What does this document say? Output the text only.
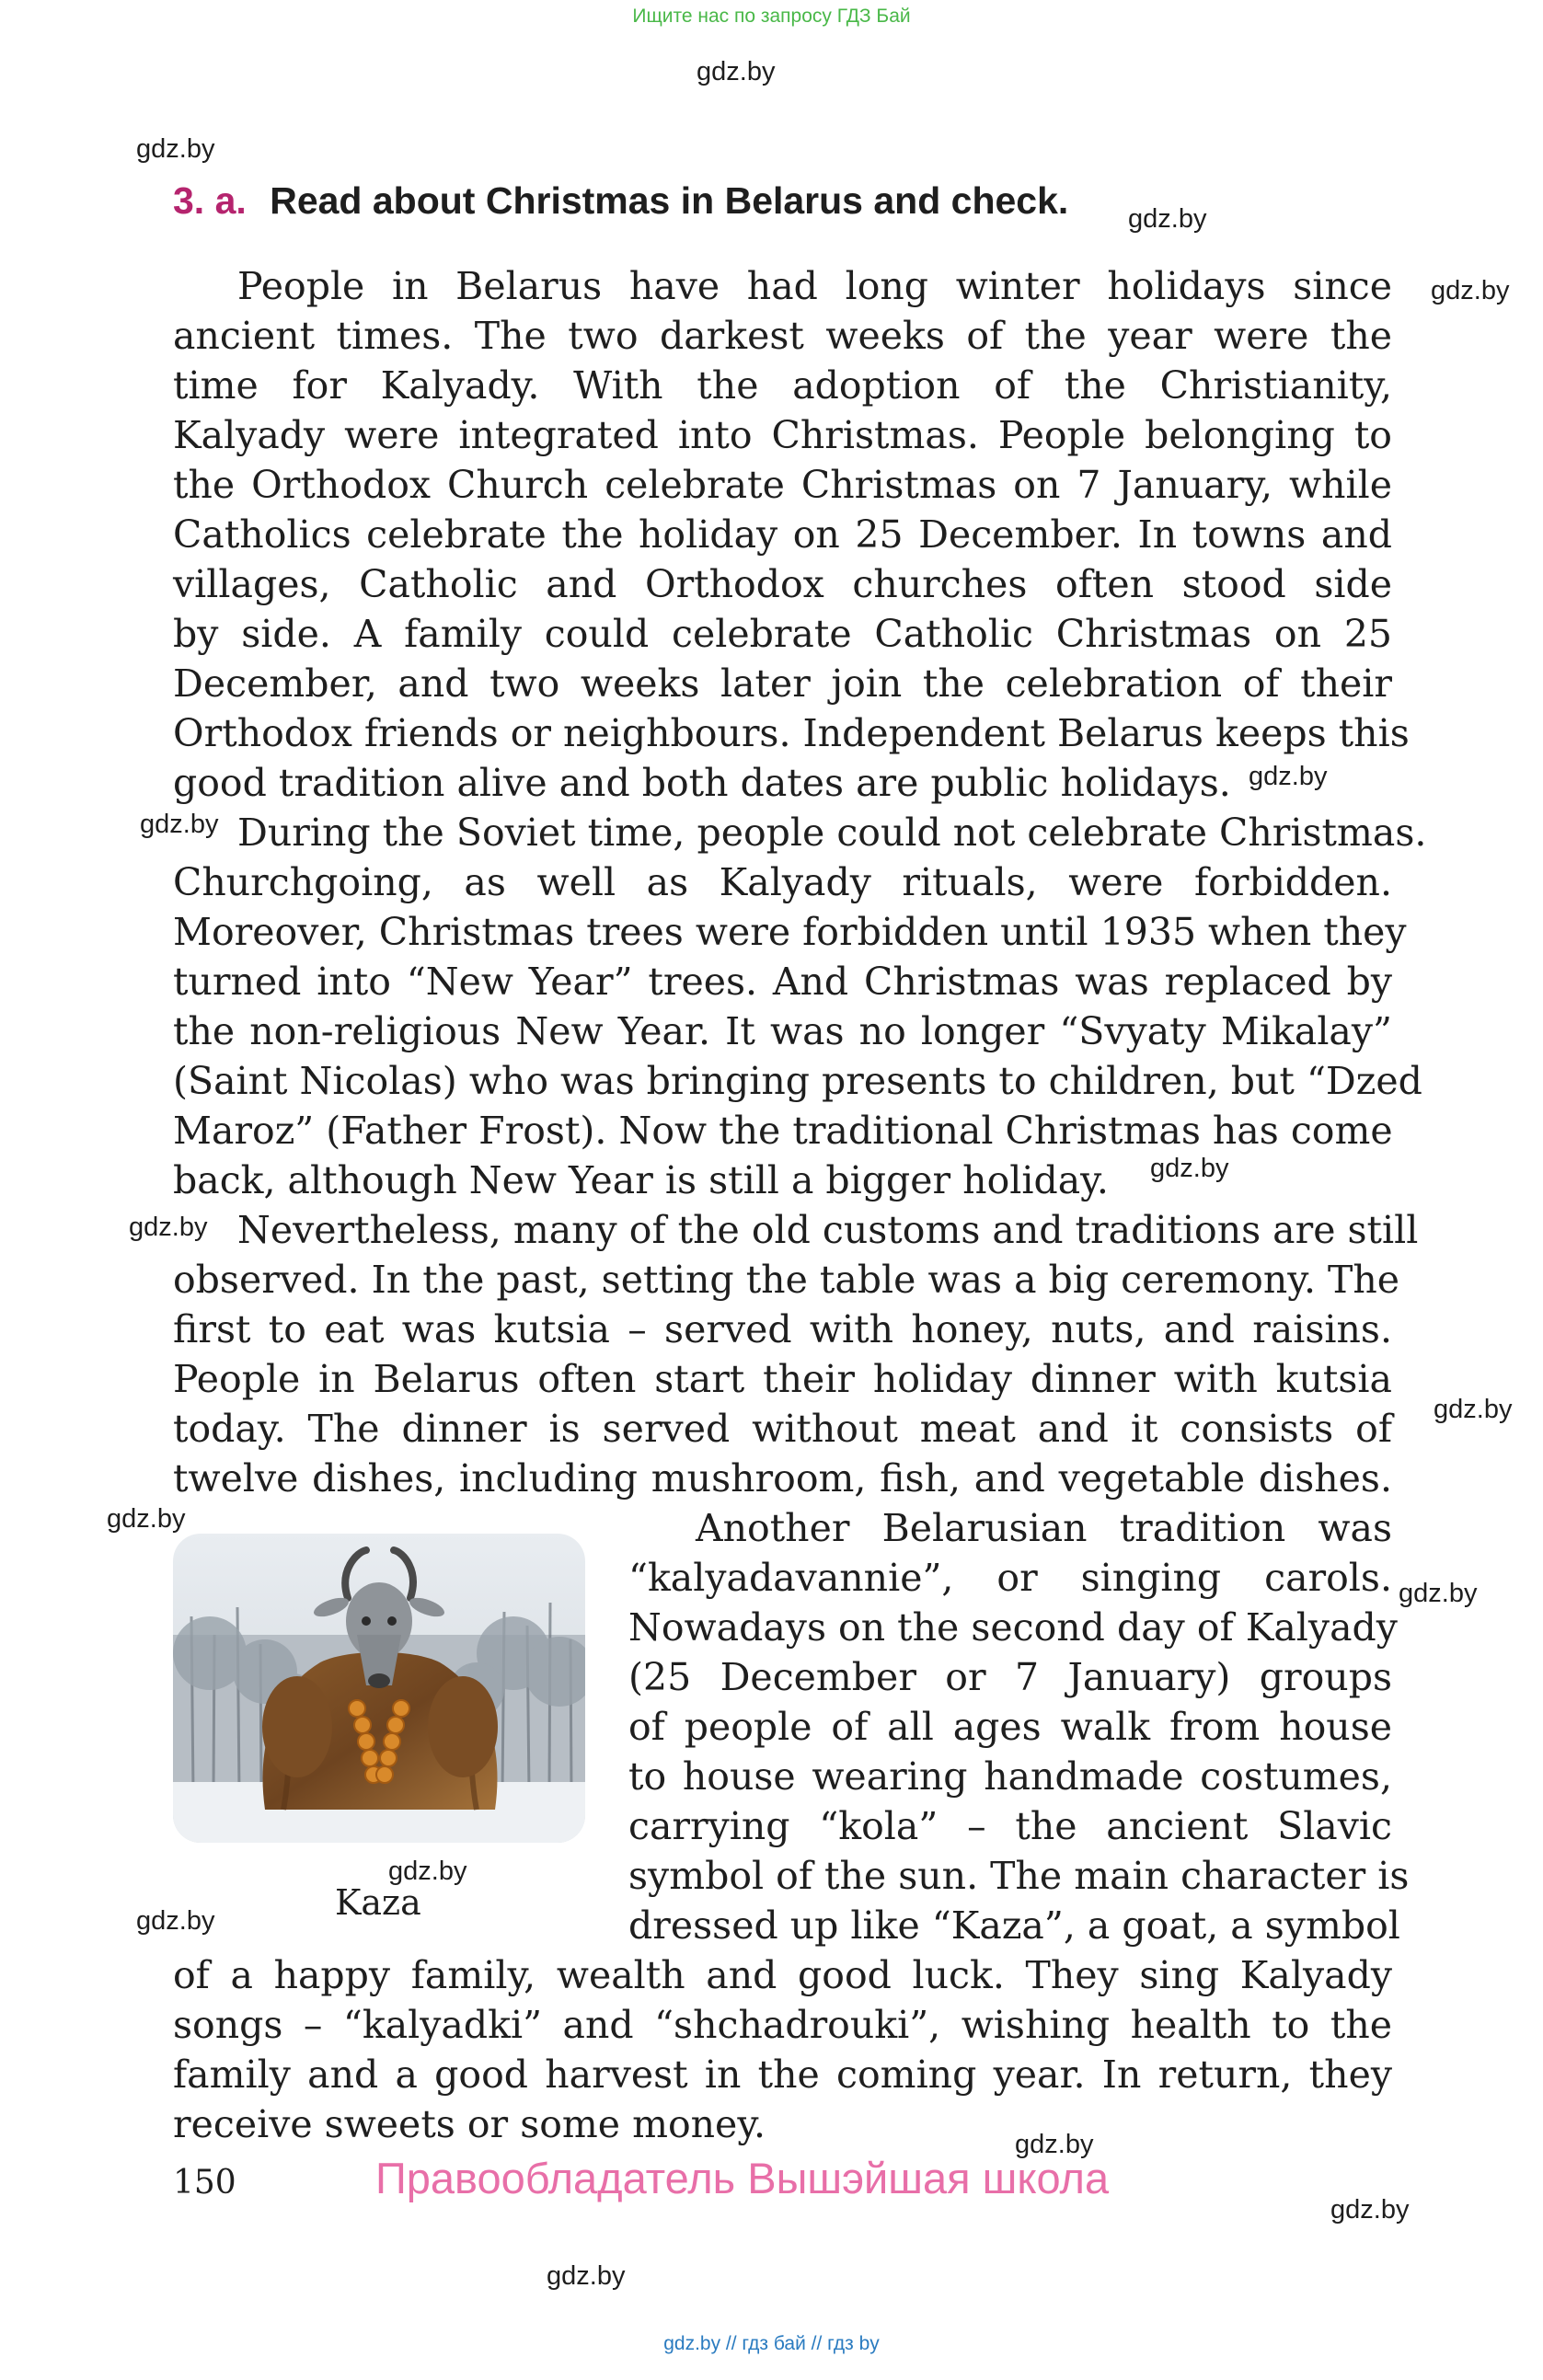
Ищите нас по запросу ГДЗ Бай
gdz.by
gdz.by
gdz.by
gdz.by
gdz.by
gdz.by
gdz.by
gdz.by
gdz.by
gdz.by
gdz.by
gdz.by
gdz.by
gdz.by
gdz.by
gdz.by
3. a. Read about Christmas in Belarus and check.
People in Belarus have had long winter holidays since
ancient times. The two darkest weeks of the year were the
time for Kalyady. With the adoption of the Christianity,
Kalyady were integrated into Christmas. People belonging to
the Orthodox Church celebrate Christmas on 7 January, while
Catholics celebrate the holiday on 25 December. In towns and
villages, Catholic and Orthodox churches often stood side
by side. A family could celebrate Catholic Christmas on 25
December, and two weeks later join the celebration of their
Orthodox friends or neighbours. Independent Belarus keeps this
good tradition alive and both dates are public holidays.
During the Soviet time, people could not celebrate Christmas.
Churchgoing, as well as Kalyady rituals, were forbidden.
Moreover, Christmas trees were forbidden until 1935 when they
turned into “New Year” trees. And Christmas was replaced by
the non-religious New Year. It was no longer “Svyaty Mikalay”
(Saint Nicolas) who was bringing presents to children, but “Dzed
Maroz” (Father Frost). Now the traditional Christmas has come
back, although New Year is still a bigger holiday.
Nevertheless, many of the old customs and traditions are still
observed. In the past, setting the table was a big ceremony. The
first to eat was kutsia – served with honey, nuts, and raisins.
People in Belarus often start their holiday dinner with kutsia
today. The dinner is served without meat and it consists of
twelve dishes, including mushroom, fish, and vegetable dishes.
Another Belarusian tradition was
“kalyadavannie”, or singing carols.
Nowadays on the second day of Kalyady
(25 December or 7 January) groups
of people of all ages walk from house
to house wearing handmade costumes,
carrying “kola” – the ancient Slavic
symbol of the sun. The main character is
dressed up like “Kaza”, a goat, a symbol
of a happy family, wealth and good luck. They sing Kalyady
songs – “kalyadki” and “shchadrouki”, wishing health to the
family and a good harvest in the coming year. In return, they
receive sweets or some money.
Kaza
150	Правообладатель Вышэйшая школа
gdz.by // гдз бай // гдз by
